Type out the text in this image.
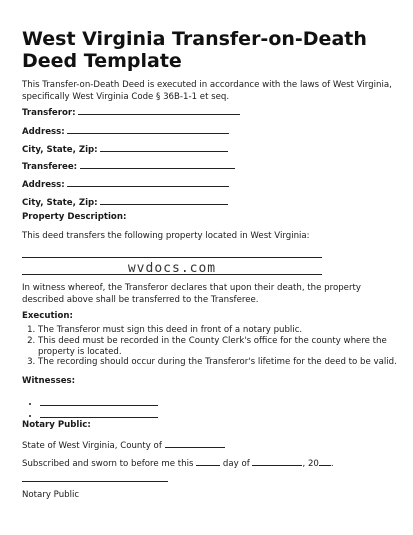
West Virginia Transfer-on-Death Deed Template
This Transfer-on-Death Deed is executed in accordance with the laws of West Virginia, specifically West Virginia Code § 36B-1-1 et seq.
Transferor:
Address:
City, State, Zip:
Transferee:
Address:
City, State, Zip:
Property Description:
This deed transfers the following property located in West Virginia:
wvdocs.com
In witness whereof, the Transferor declares that upon their death, the property described above shall be transferred to the Transferee.
Execution:
1. The Transferor must sign this deed in front of a notary public.
2. This deed must be recorded in the County Clerk's office for the county where the property is located.
3. The recording should occur during the Transferor's lifetime for the deed to be valid.
Witnesses:
•
•
Notary Public:
State of West Virginia, County of
Subscribed and sworn to before me this	day of	, 20 .
Notary Public
